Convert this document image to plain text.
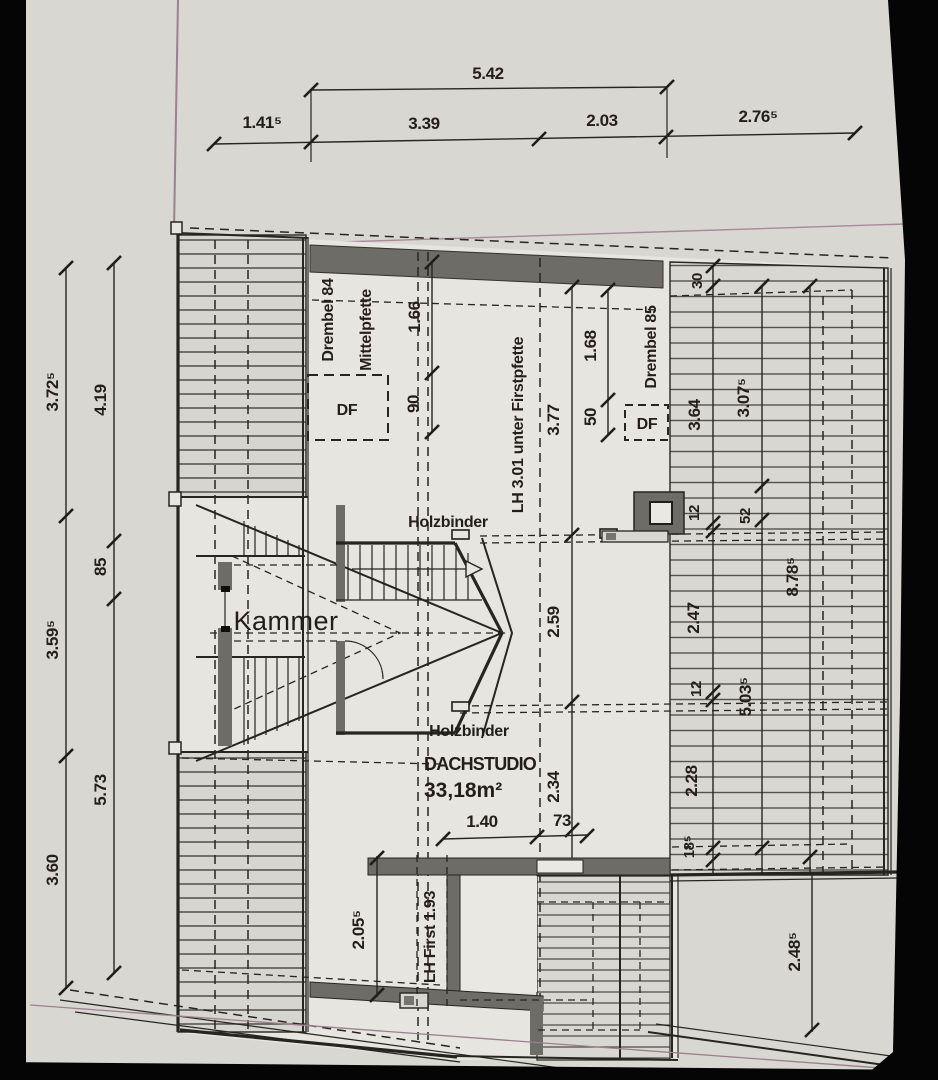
5.42
1.41⁵	3.39	2.03	2.76⁵
3.72⁵
3.59⁵
3.60
4.19
85
5.73
Drembel 84 Mittelpfette 1.66
90
DF	LH 3.01 unter Firstpfette 3.77
2.59
2.34
1.68
50 DF
Drembel 85
30
3.64
12
2.47
12
2.28
18⁵
3.07⁵
52
5.03⁵
8.78⁵
2.48⁵
2.05⁵	LH First 1.93
Holzbinder
Holzbinder
Kammer
DACHSTUDIO
33,18m²
1.40	73
